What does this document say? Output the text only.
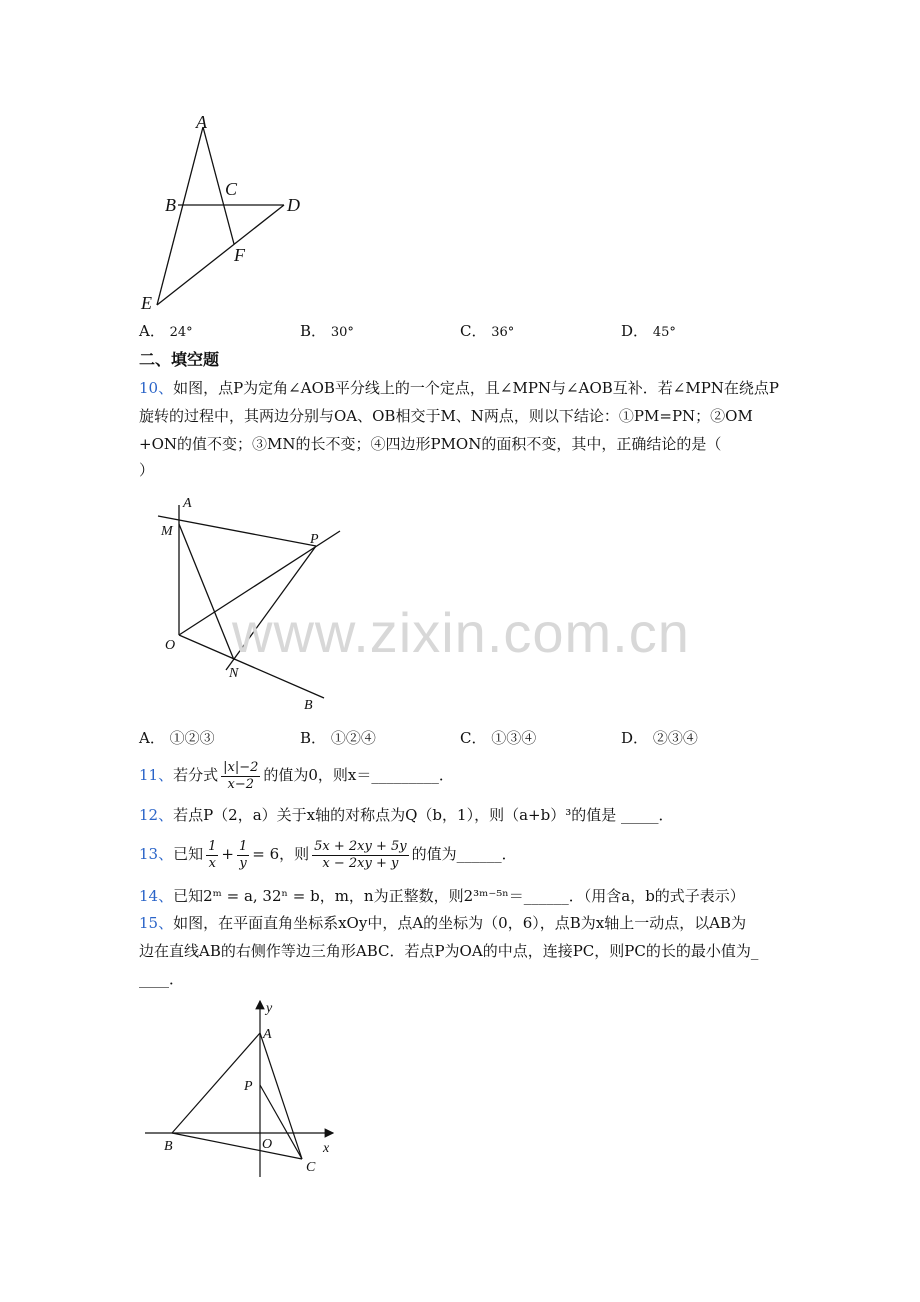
A
B
C
D
E
F
A． 24°	B． 30°	C． 36°	D． 45°
二、填空题
10、如图，点P为定角∠AOB平分线上的一个定点，且∠MPN与∠AOB互补．若∠MPN在绕点P
旋转的过程中，其两边分别与OA、OB相交于M、N两点，则以下结论：①PM=PN；②OM
+ON的值不变；③MN的长不变；④四边形PMON的面积不变，其中，正确结论的是（
）
A
M
P
O
N
B
www.zixin.com.cn
A． ①②③	B． ①②④	C． ①③④	D． ②③④
11、若分式 $\frac{|x|-2}{x-2}$ 的值为0，则x＝_________．
12、若点P（2，a）关于x轴的对称点为Q（b，1），则（a+b）³的值是 _____．
13、已知 $\frac{1}{x} + \frac{1}{y} = 6$，则 $\frac{5x + 2xy + 5y}{x - 2xy + y}$ 的值为______．
14、已知2ᵐ = a, 32ⁿ = b，m，n为正整数，则2³ᵐ⁻⁵ⁿ＝______．（用含a，b的式子表示）
15、如图，在平面直角坐标系xOy中，点A的坐标为（0，6），点B为x轴上一动点，以AB为
边在直线AB的右侧作等边三角形ABC．若点P为OA的中点，连接PC，则PC的长的最小值为_
____．
y
A
P
B	O	x
C
